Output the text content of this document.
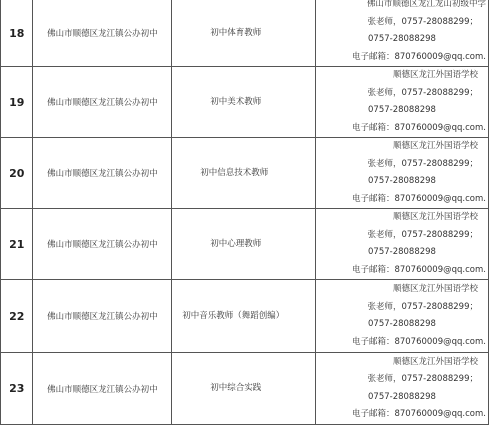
18	佛山市顺德区龙江镇公办初中	初中体育教师	佛山市顺德区龙江龙山初级中学
张老师，0757-28088299；
0757-28088298
电子邮箱：870760009@qq.com.

19	佛山市顺德区龙江镇公办初中	初中美术教师	顺德区龙江外国语学校
张老师，0757-28088299；
0757-28088298
电子邮箱：870760009@qq.com.

20	佛山市顺德区龙江镇公办初中	初中信息技术教师	顺德区龙江外国语学校
张老师，0757-28088299；
0757-28088298
电子邮箱：870760009@qq.com.

21	佛山市顺德区龙江镇公办初中	初中心理教师	顺德区龙江外国语学校
张老师，0757-28088299；
0757-28088298
电子邮箱：870760009@qq.com.

22	佛山市顺德区龙江镇公办初中	初中音乐教师（舞蹈创编）	顺德区龙江外国语学校
张老师，0757-28088299；
0757-28088298
电子邮箱：870760009@qq.com.

23	佛山市顺德区龙江镇公办初中	初中综合实践	顺德区龙江外国语学校
张老师，0757-28088299；
0757-28088298
电子邮箱：870760009@qq.com.
